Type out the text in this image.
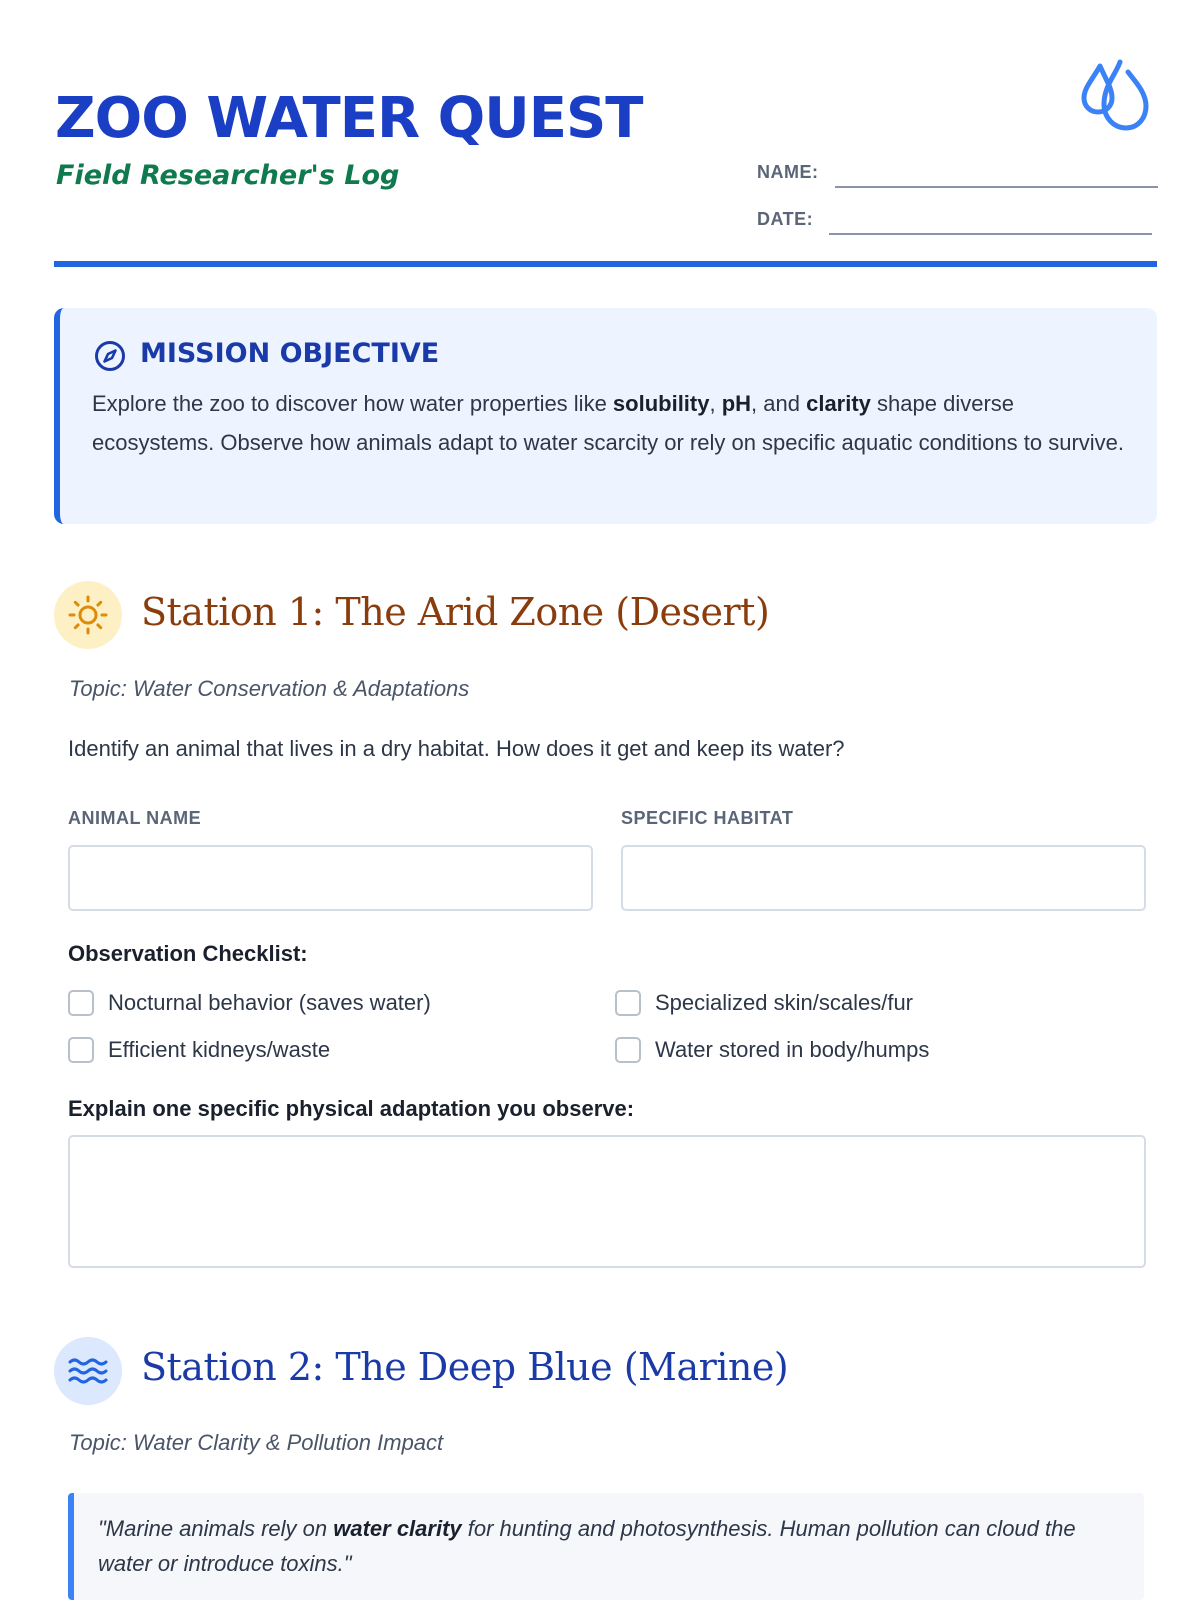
ZOO WATER QUEST
Field Researcher's Log	NAME:
DATE:
MISSION OBJECTIVE
Explore the zoo to discover how water properties like solubility, pH, and clarity shape diverse ecosystems. Observe how animals adapt to water scarcity or rely on specific aquatic conditions to survive.
Station 1: The Arid Zone (Desert)
Topic: Water Conservation & Adaptations
Identify an animal that lives in a dry habitat. How does it get and keep its water?
ANIMAL NAME	SPECIFIC HABITAT
Observation Checklist:
Nocturnal behavior (saves water)	Specialized skin/scales/fur
Efficient kidneys/waste	Water stored in body/humps
Explain one specific physical adaptation you observe:
Station 2: The Deep Blue (Marine)
Topic: Water Clarity & Pollution Impact
"Marine animals rely on water clarity for hunting and photosynthesis. Human pollution can cloud the water or introduce toxins."
